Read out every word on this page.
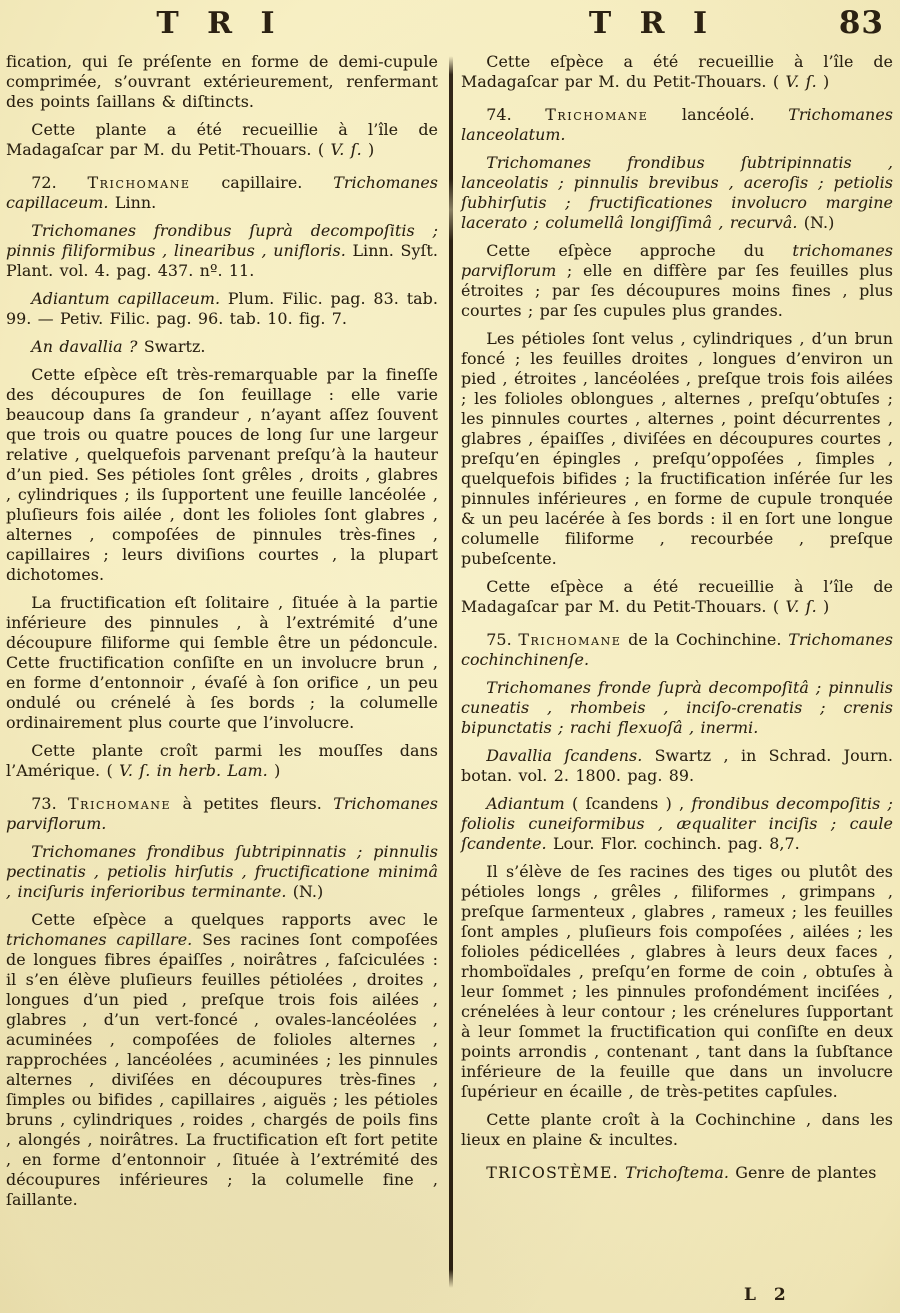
T R I	T R I	83

fication, qui ſe préſente en forme de demi-cupule comprimée, s’ouvrant extérieurement, renfermant des points ſaillans & diſtincts.

Cette plante a été recueillie à l’île de Madagaſcar par M. du Petit-Thouars. ( V. ſ. )

72. Trichomane capillaire. Trichomanes capillaceum. Linn.

Trichomanes frondibus ſuprà decompoſitis ; pinnis filiformibus , linearibus , unifloris. Linn. Syſt. Plant. vol. 4. pag. 437. nº. 11.

Adiantum capillaceum. Plum. Filic. pag. 83. tab. 99. — Petiv. Filic. pag. 96. tab. 10. fig. 7.

An davallia ? Swartz.

Cette eſpèce eſt très-remarquable par la fineſſe des découpures de ſon feuillage : elle varie beaucoup dans ſa grandeur , n’ayant aſſez ſouvent que trois ou quatre pouces de long ſur une largeur relative , quelquefois parvenant preſqu’à la hauteur d’un pied. Ses pétioles ſont grêles , droits , glabres , cylindriques ; ils ſupportent une feuille lancéolée , pluſieurs fois ailée , dont les folioles ſont glabres , alternes , compoſées de pinnules très-fines , capillaires ; leurs diviſions courtes , la plupart dichotomes.

La fructification eſt ſolitaire , ſituée à la partie inférieure des pinnules , à l’extrémité d’une découpure filiforme qui ſemble être un pédoncule. Cette fructification conſiſte en un involucre brun , en forme d’entonnoir , évaſé à ſon orifice , un peu ondulé ou crénelé à ſes bords ; la columelle ordinairement plus courte que l’involucre.

Cette plante croît parmi les mouſſes dans l’Amérique. ( V. ſ. in herb. Lam. )

73. Trichomane à petites fleurs. Trichomanes parviflorum.

Trichomanes frondibus ſubtripinnatis ; pinnulis pectinatis , petiolis hirſutis , fructificatione minimâ , inciſuris inferioribus terminante. (N.)

Cette eſpèce a quelques rapports avec le trichomanes capillare. Ses racines ſont compoſées de longues fibres épaiſſes , noirâtres , faſciculées : il s’en élève pluſieurs feuilles pétiolées , droites , longues d’un pied , preſque trois fois ailées , glabres , d’un vert-foncé , ovales-lancéolées , acuminées , compoſées de folioles alternes , rapprochées , lancéolées , acuminées ; les pinnules alternes , diviſées en découpures très-fines , ſimples ou bifides , capillaires , aiguës ; les pétioles bruns , cylindriques , roides , chargés de poils fins , alongés , noirâtres. La fructification eſt fort petite , en forme d’entonnoir , ſituée à l’extrémité des découpures inférieures ; la columelle fine , ſaillante.

Cette eſpèce a été recueillie à l’île de Madagaſcar par M. du Petit-Thouars. ( V. ſ. )

74. Trichomane lancéolé. Trichomanes lanceolatum.

Trichomanes frondibus ſubtripinnatis , lanceolatis ; pinnulis brevibus , aceroſis ; petiolis ſubhirſutis ; fructificationes involucro margine lacerato ; columellâ longiſſimâ , recurvâ. (N.)

Cette eſpèce approche du trichomanes parviflorum ; elle en diffère par ſes feuilles plus étroites ; par ſes découpures moins fines , plus courtes ; par ſes cupules plus grandes.

Les pétioles ſont velus , cylindriques , d’un brun foncé ; les feuilles droites , longues d’environ un pied , étroites , lancéolées , preſque trois fois ailées ; les folioles oblongues , alternes , preſqu’obtuſes ; les pinnules courtes , alternes , point décurrentes , glabres , épaiſſes , diviſées en découpures courtes , preſqu’en épingles , preſqu’oppoſées , ſimples , quelquefois bifides ; la fructification inſérée ſur les pinnules inférieures , en forme de cupule tronquée & un peu lacérée à ſes bords : il en ſort une longue columelle filiforme , recourbée , preſque pubeſcente.

Cette eſpèce a été recueillie à l’île de Madagaſcar par M. du Petit-Thouars. ( V. ſ. )

75. Trichomane de la Cochinchine. Trichomanes cochinchinenſe.

Trichomanes fronde ſuprà decompoſitâ ; pinnulis cuneatis , rhombeis , inciſo-crenatis ; crenis bipunctatis ; rachi flexuoſâ , inermi.

Davallia ſcandens. Swartz , in Schrad. Journ. botan. vol. 2. 1800. pag. 89.

Adiantum ( ſcandens ) , frondibus decompoſitis ; foliolis cuneiformibus , æqualiter inciſis ; caule ſcandente. Lour. Flor. cochinch. pag. 8,7.

Il s’élève de ſes racines des tiges ou plutôt des pétioles longs , grêles , filiformes , grimpans , preſque ſarmenteux , glabres , rameux ; les feuilles ſont amples , pluſieurs fois compoſées , ailées ; les folioles pédicellées , glabres à leurs deux faces , rhomboïdales , preſqu’en forme de coin , obtuſes à leur ſommet ; les pinnules profondément inciſées , crénelées à leur contour ; les crénelures ſupportant à leur ſommet la fructification qui conſiſte en deux points arrondis , contenant , tant dans la ſubſtance inférieure de la feuille que dans un involucre ſupérieur en écaille , de très-petites capſules.

Cette plante croît à la Cochinchine , dans les lieux en plaine & incultes.

TRICOSTÈME. Trichoſtema. Genre de plantes

L 2
